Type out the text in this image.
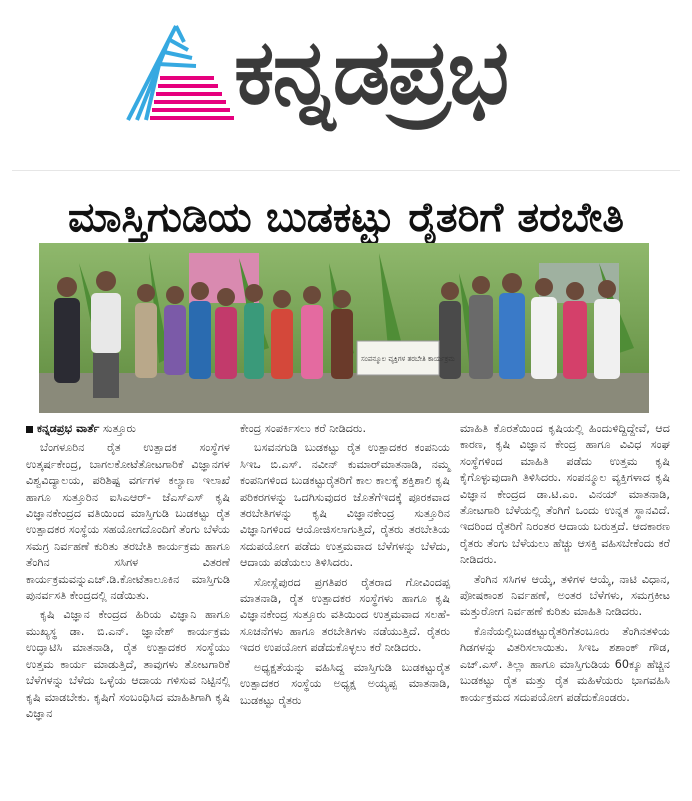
ಕನ್ನಡಪ್ರಭ
ಮಾಸ್ತಿಗುಡಿಯ ಬುಡಕಟ್ಟು ರೈತರಿಗೆ ತರಬೇತಿ
ಸಂಪನ್ಮೂಲ ವ್ಯಕ್ತಿಗಳ ತರಬೇತಿ ಕಾರ್ಯಕ್ರಮ

ಕನ್ನಡಪ್ರಭ ವಾರ್ತೆ ಸುತ್ತೂರು

ಬೆಂಗಳೂರಿನ ರೈತ ಉತ್ಪಾದಕ ಸಂಸ್ಥೆಗಳ ಉತ್ಕರ್ಷಕೇಂದ್ರ, ಬಾಗಲಕೋಟೆತೋಟಗಾರಿಕೆ ವಿಜ್ಞಾನಗಳ ವಿಶ್ವವಿದ್ಯಾಲಯ, ಪರಿಶಿಷ್ಟ ವರ್ಗಗಳ ಕಲ್ಯಾಣ ಇಲಾಖೆ ಹಾಗೂ ಸುತ್ತೂರಿನ ಐಸಿಎಆರ್- ಜೆಎಸ್‌ಎಸ್ ಕೃಷಿ ವಿಜ್ಞಾನಕೇಂದ್ರದ ವತಿಯಿಂದ ಮಾಸ್ತಿಗುಡಿ ಬುಡಕಟ್ಟು ರೈತ ಉತ್ಪಾದಕರ ಸಂಸ್ಥೆಯ ಸಹಯೋಗದೊಂದಿಗೆ ತೆಂಗು ಬೆಳೆಯ ಸಮಗ್ರ ನಿರ್ವಹಣೆ ಕುರಿತು ತರಬೇತಿ ಕಾರ್ಯಕ್ರಮ ಹಾಗೂ ತೆಂಗಿನ ಸಸಿಗಳ ವಿತರಣೆ ಕಾರ್ಯಕ್ರಮವನ್ನುಎಚ್.ಡಿ.ಕೋಟೆತಾಲೂಕಿನ ಮಾಸ್ತಿಗುಡಿ ಪುನರ್ವಸತಿ ಕೇಂದ್ರದಲ್ಲಿ ನಡೆಯಿತು.

ಕೃಷಿ ವಿಜ್ಞಾನ ಕೇಂದ್ರದ ಹಿರಿಯ ವಿಜ್ಞಾನಿ ಹಾಗೂ ಮುಖ್ಯಸ್ಥ ಡಾ. ಬಿ.ಎನ್. ಜ್ಞಾನೇಶ್ ಕಾರ್ಯಕ್ರಮ ಉದ್ಘಾಟಿಸಿ ಮಾತನಾಡಿ, ರೈತ ಉತ್ಪಾದಕರ ಸಂಸ್ಥೆಯು ಉತ್ತಮ ಕಾರ್ಯ ಮಾಡುತ್ತಿದೆ, ತಾವುಗಳು ತೋಟಗಾರಿಕೆ ಬೆಳೆಗಳನ್ನು ಬೆಳೆದು ಒಳ್ಳೆಯ ಆದಾಯ ಗಳಿಸುವ ನಿಟ್ಟಿನಲ್ಲಿ ಕೃಷಿ ಮಾಡಬೇಕು. ಕೃಷಿಗೆ ಸಂಬಂಧಿಸಿದ ಮಾಹಿತಿಗಾಗಿ ಕೃಷಿ ವಿಜ್ಞಾನ

ಕೇಂದ್ರ ಸಂಪರ್ಕಿಸಲು ಕರೆ ನೀಡಿದರು.

ಬಸವನಗುಡಿ ಬುಡಕಟ್ಟು ರೈತ ಉತ್ಪಾದಕರ ಕಂಪನಿಯ ಸಿಇಒ ಬಿ.ಎಸ್. ನವೀನ್ ಕುಮಾರ್‌ಮಾತನಾಡಿ, ನಮ್ಮ ಕಂಪನಿಗಳಿಂದ ಬುಡಕಟ್ಟುರೈತರಿಗೆ ಕಾಲ ಕಾಲಕ್ಕೆ ಶಕ್ತಿಶಾಲಿ ಕೃಷಿ ಪರಿಕರಗಳನ್ನು ಒದಗಿಸುವುದರ ಜೊತೆಗೆಇದಕ್ಕೆ ಪೂರಕವಾದ ತರಬೇತಿಗಳನ್ನು ಕೃಷಿ ವಿಜ್ಞಾನಕೇಂದ್ರ ಸುತ್ತೂರಿನ ವಿಜ್ಞಾನಿಗಳಿಂದ ಆಯೋಜಿಸಲಾಗುತ್ತಿದೆ, ರೈತರು ತರಬೇತಿಯ ಸದುಪಯೋಗ ಪಡೆದು ಉತ್ತಮವಾದ ಬೆಳೆಗಳನ್ನು ಬೆಳೆದು, ಆದಾಯ ಪಡೆಯಲು ತಿಳಿಸಿದರು.

ಸೋಸ್ಲೆಪುರದ ಪ್ರಗತಿಪರ ರೈತರಾದ ಗೋವಿಂದಪ್ಪ ಮಾತನಾಡಿ, ರೈತ ಉತ್ಪಾದಕರ ಸಂಸ್ಥೆಗಳು ಹಾಗೂ ಕೃಷಿ ವಿಜ್ಞಾನಕೇಂದ್ರ ಸುತ್ತೂರು ವತಿಯಿಂದ ಉತ್ತಮವಾದ ಸಲಹೆ-ಸೂಚನೆಗಳು ಹಾಗೂ ತರಬೇತಿಗಳು ನಡೆಯುತ್ತಿದೆ. ರೈತರು ಇದರ ಉಪಯೋಗ ಪಡೆದುಕೊಳ್ಳಲು ಕರೆ ನೀಡಿದರು.

ಅಧ್ಯಕ್ಷತೆಯನ್ನು ವಹಿಸಿದ್ದ ಮಾಸ್ತಿಗುಡಿ ಬುಡಕಟ್ಟುರೈತ ಉತ್ಪಾದಕರ ಸಂಸ್ಥೆಯ ಅಧ್ಯಕ್ಷ ಅಯ್ಯಪ್ಪ ಮಾತನಾಡಿ, ಬುಡಕಟ್ಟು ರೈತರು

ಮಾಹಿತಿ ಕೊರತೆಯಿಂದ ಕೃಷಿಯಲ್ಲಿ ಹಿಂದುಳಿದ್ದಿದ್ದೇವೆ, ಆದ ಕಾರಣ, ಕೃಷಿ ವಿಜ್ಞಾನ ಕೇಂದ್ರ ಹಾಗೂ ವಿವಿಧ ಸಂಘ ಸಂಸ್ಥೆಗಳಿಂದ ಮಾಹಿತಿ ಪಡೆದು ಉತ್ತಮ ಕೃಷಿ ಕೈಗೊಳ್ಳುವುದಾಗಿ ತಿಳಿಸಿದರು. ಸಂಪನ್ಮೂಲ ವ್ಯಕ್ತಿಗಳಾದ ಕೃಷಿ ವಿಜ್ಞಾನ ಕೇಂದ್ರದ ಡಾ.ಟಿ.ಎಂ. ವಿನಯ್ ಮಾತನಾಡಿ, ತೋಟಗಾರಿ ಬೆಳೆಯಲ್ಲಿ ತೆಂಗಿಗೆ ಒಂದು ಉನ್ನತ ಸ್ಥಾನವಿದೆ. ಇದರಿಂದ ರೈತರಿಗೆ ನಿರಂತರ ಆದಾಯ ಬರುತ್ತದೆ. ಆದಕಾರಣ ರೈತರು ತೆಂಗು ಬೆಳೆಯಲು ಹೆಚ್ಚು ಆಸಕ್ತಿ ವಹಿಸಬೇಕೆಂದು ಕರೆ ನೀಡಿದರು.

ತೆಂಗಿನ ಸಸಿಗಳ ಆಯ್ಕೆ, ತಳಿಗಳ ಆಯ್ಕೆ, ನಾಟಿ ವಿಧಾನ, ಪೋಷಕಾಂಶ ನಿರ್ವಹಣೆ, ಅಂತರ ಬೆಳೆಗಳು, ಸಮಗ್ರಕೀಟ ಮತ್ತುರೋಗ ನಿರ್ವಹಣೆ ಕುರಿತು ಮಾಹಿತಿ ನೀಡಿದರು.

ಕೊನೆಯಲ್ಲಿಬುಡಕಟ್ಟುರೈತರಿಗೆತಂಬೂರು ತೆಂಗಿನತಳಿಯ ಗಿಡಗಳನ್ನು ವಿತರಿಸಲಾಯಿತು. ಸಿಇಒ ಶಶಾಂಕ್ ಗೌಡ, ಎಚ್.ಎಸ್. ತಿಲ್ಲಾ ಹಾಗೂ ಮಾಸ್ತಿಗುಡಿಯ 60ಕ್ಕೂ ಹೆಚ್ಚಿನ ಬುಡಕಟ್ಟು ರೈತ ಮತ್ತು ರೈತ ಮಹಿಳೆಯರು ಭಾಗವಹಿಸಿ ಕಾರ್ಯಕ್ರಮದ ಸದುಪಯೋಗ ಪಡೆದುಕೊಂಡರು.
